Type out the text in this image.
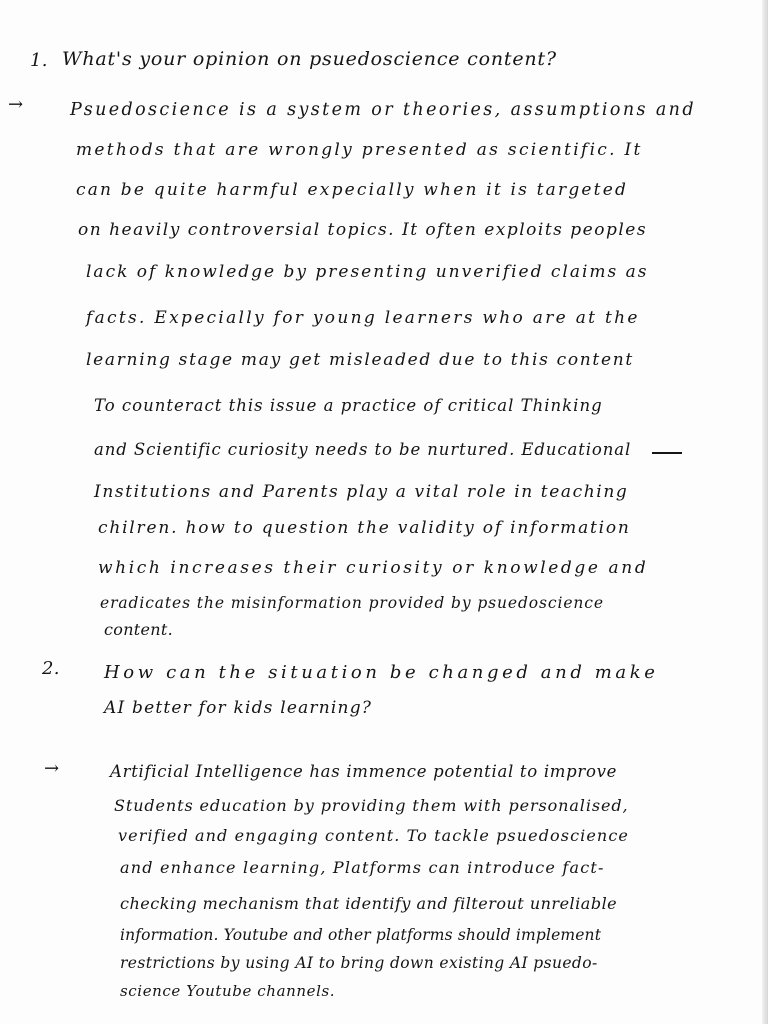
1. What's your opinion on psuedoscience content?
→	Psuedoscience is a system or theories, assumptions and
methods that are wrongly presented as scientific. It
can be quite harmful expecially when it is targeted
on heavily controversial topics. It often exploits peoples
lack of knowledge by presenting unverified claims as
facts. Expecially for young learners who are at the
learning stage may get misleaded due to this content
To counteract this issue a practice of critical Thinking
and Scientific curiosity needs to be nurtured. Educational
Institutions and Parents play a vital role in teaching
chilren. how to question the validity of information
which increases their curiosity or knowledge and
eradicates the misinformation provided by psuedoscience
content.
2. How can the situation be changed and make
AI better for kids learning?
→	Artificial Intelligence has immence potential to improve
Students education by providing them with personalised,
verified and engaging content. To tackle psuedoscience
and enhance learning, Platforms can introduce fact-
checking mechanism that identify and filterout unreliable
information. Youtube and other platforms should implement
restrictions by using AI to bring down existing AI psuedo-
science Youtube channels.
